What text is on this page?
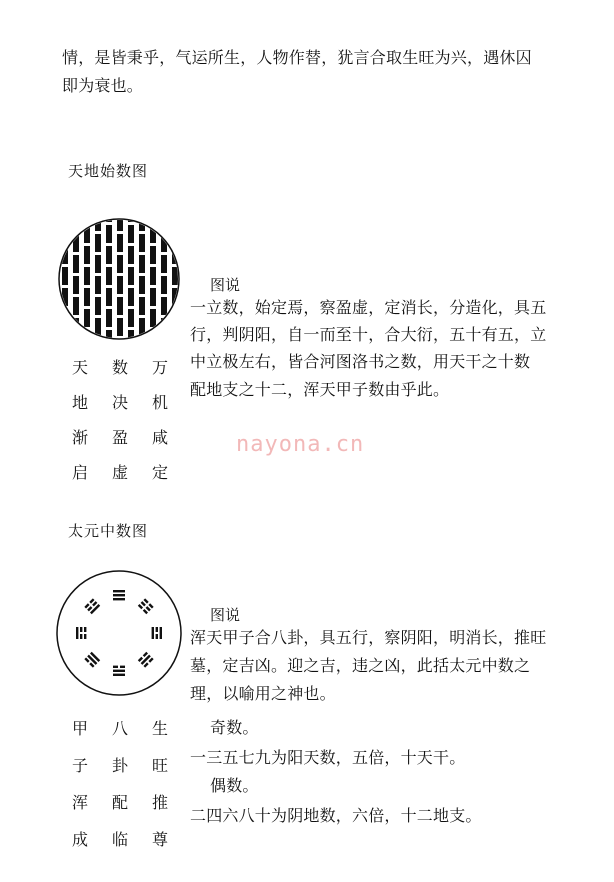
情，是皆秉乎，气运所生，人物作替，犹言合取生旺为兴，遇休囚
即为衰也。
天地始数图
图说
一立数，始定焉，察盈虚，定消长，分造化，具五
行，判阴阳，自一而至十，合大衍，五十有五，立
中立极左右，皆合河图洛书之数，用天干之十数
配地支之十二，浑天甲子数由乎此。
天	数	万
地	决	机
渐	盈	咸
启	虚	定
nayona.cn
太元中数图
图说
浑天甲子合八卦，具五行，察阴阳，明消长，推旺
墓，定吉凶。迎之吉，违之凶，此括太元中数之
理，以喻用之神也。
甲	八	生
子	卦	旺
浑	配	推
成	临	尊
奇数。
一三五七九为阳天数，五倍，十天干。
偶数。
二四六八十为阴地数，六倍，十二地支。
